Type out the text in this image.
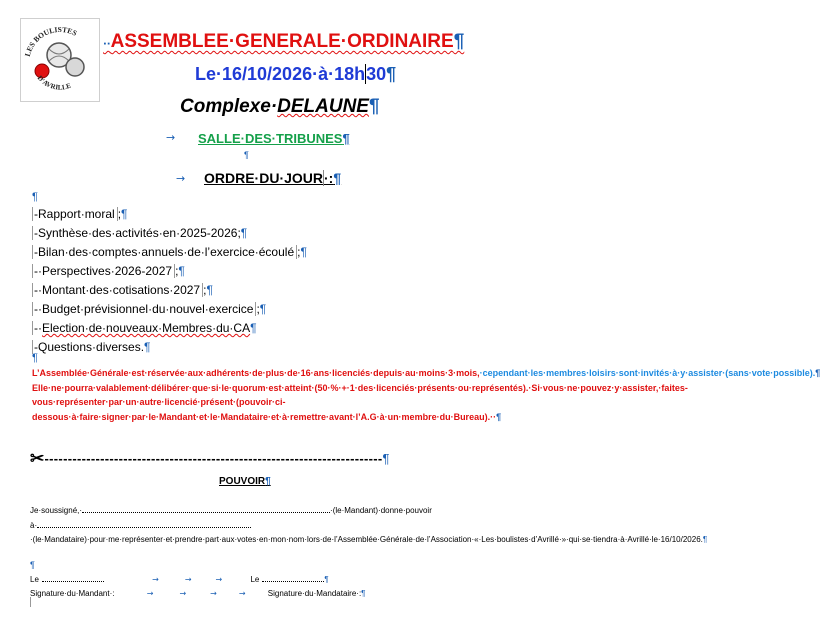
LES BOULISTES
D'AVRILLE
··ASSEMBLEE·GENERALE·ORDINAIRE¶
Le·16/10/2026·à·18h30¶
Complexe·DELAUNE¶
→ SALLE·DES·TRIBUNES¶
¶
ORDRE·DU·JOUR·:¶
→
¶
-Rapport·moral ;¶
-Synthèse·des·activités·en·2025-2026;¶
-Bilan·des·comptes·annuels·de·l’exercice·écoulé ;¶
-·Perspectives·2026-2027 ;¶
-·Montant·des·cotisations·2027 ;¶
-·Budget·prévisionnel·du·nouvel·exercice ;¶
-·Election·de·nouveaux·Membres·du·CA¶
-Questions·diverses.¶
¶

L’Assemblée·Générale·est·réservée·aux·adhérents·de·plus·de·16·ans·licenciés·depuis·au·moins·3·mois,·cependant·les·membres·loisirs·sont·invités·à·y·assister·(sans·vote·possible).¶
Elle·ne·pourra·valablement·délibérer·que·si·le·quorum·est·atteint·(50·%·+·1·des·licenciés·présents·ou·représentés).·Si·vous·ne·pouvez·y·assister,·faites-vous·représenter·par·un·autre·licencié·présent·(pouvoir·ci-dessous·à·faire·signer·par·le·Mandant·et·le·Mandataire·et·à·remettre·avant·l’A.G·à·un·membre·du·Bureau).··¶

✂-------------------------------------------------------------------------¶
POUVOIR¶

Je·soussigné,·	·(le·Mandant)·donne·pouvoir
à··(le·Mandataire)·pour·me·représenter·et·prendre·part·aux·votes·en·mon·nom·lors·de·l’Assemblée·Générale·de·l’Association·«·Les·boulistes·d’Avrillé·»·qui·se·tiendra·à·Avrillé·le·16/10/2026.¶

¶
Le	→	→	→	Le	¶
Signature·du·Mandant·:	→	→	→	→	Signature·du·Mandataire·:¶
